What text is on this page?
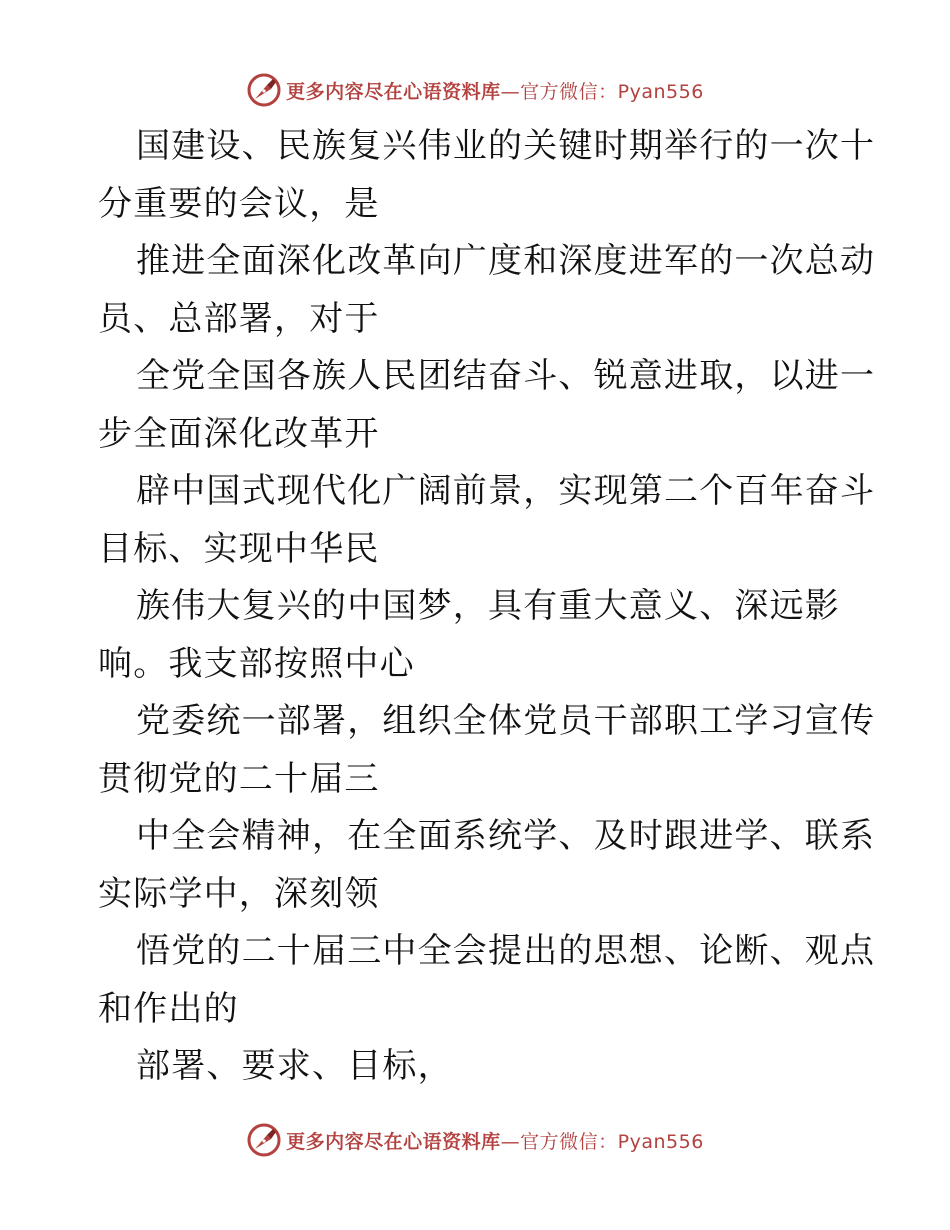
更多内容尽在心语资料库—官方微信：Pyan556
国建设、民族复兴伟业的关键时期举行的一次十
分重要的会议，是
推进全面深化改革向广度和深度进军的一次总动
员、总部署，对于
全党全国各族人民团结奋斗、锐意进取，以进一
步全面深化改革开
辟中国式现代化广阔前景，实现第二个百年奋斗
目标、实现中华民
族伟大复兴的中国梦，具有重大意义、深远影
响。我支部按照中心
党委统一部署，组织全体党员干部职工学习宣传
贯彻党的二十届三
中全会精神，在全面系统学、及时跟进学、联系
实际学中，深刻领
悟党的二十届三中全会提出的思想、论断、观点
和作出的
部署、要求、目标，
更多内容尽在心语资料库—官方微信：Pyan556
